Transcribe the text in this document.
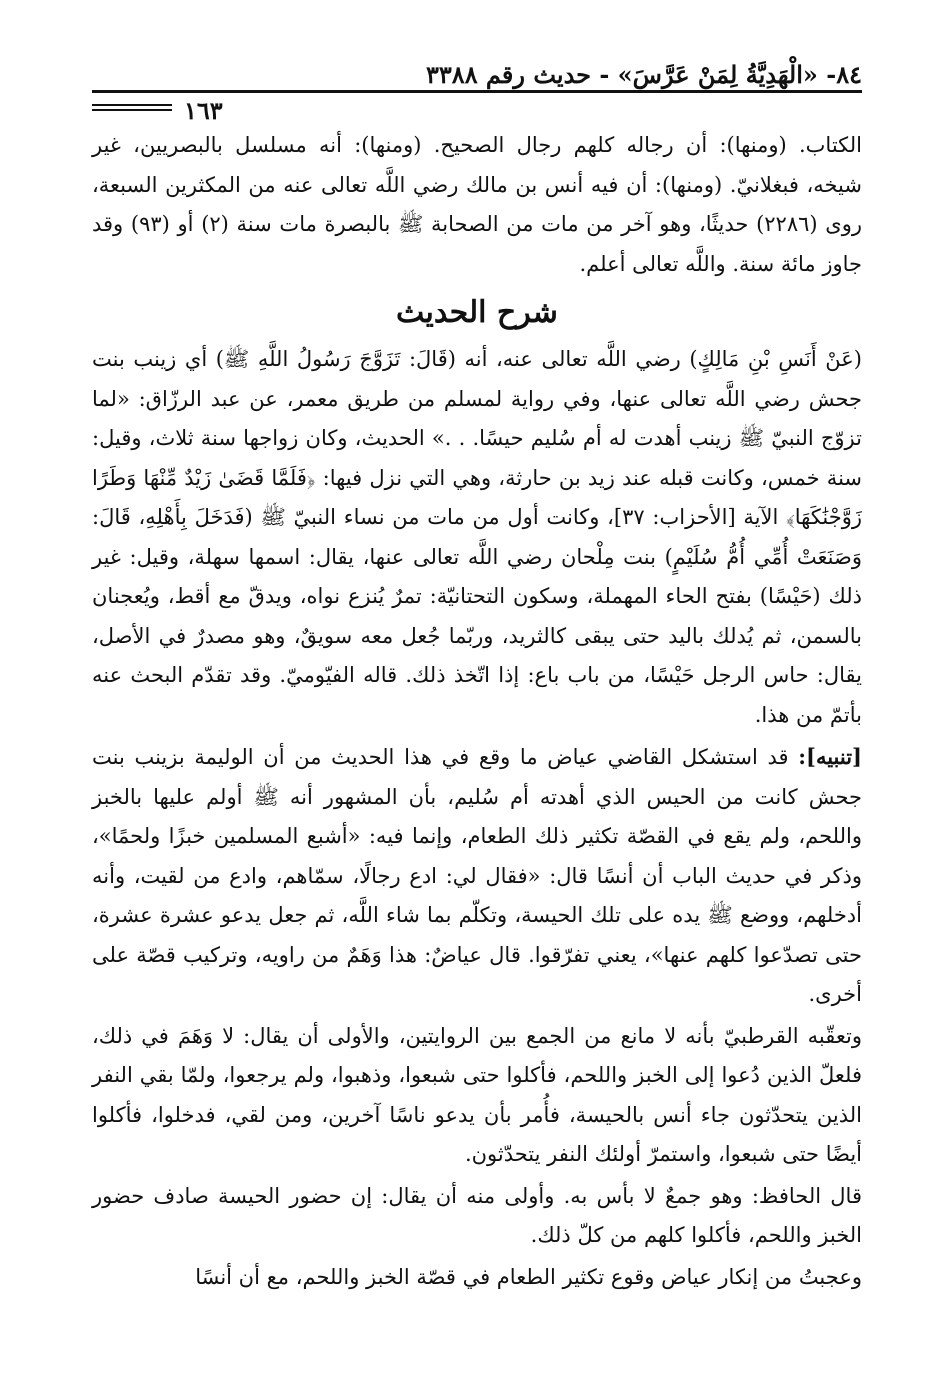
٨٤- «الْهَدِيَّةُ لِمَنْ عَرَّسَ» - حديث رقم ٣٣٨٨
١٦٣

الكتاب. (ومنها): أن رجاله كلهم رجال الصحيح. (ومنها): أنه مسلسل بالبصريين، غير شيخه، فبغلانيّ. (ومنها): أن فيه أنس بن مالك رضي اللَّه تعالى عنه من المكثرين السبعة، روى (٢٢٨٦) حديثًا، وهو آخر من مات من الصحابة ﷺ بالبصرة مات سنة (٢) أو (٩٣) وقد جاوز مائة سنة. واللَّه تعالى أعلم.

شرح الحديث

(عَنْ أَنَسِ بْنِ مَالِكٍ) رضي اللَّه تعالى عنه، أنه (قَالَ: تَزَوَّجَ رَسُولُ اللَّهِ ﷺ) أي زينب بنت جحش رضي اللَّه تعالى عنها، وفي رواية لمسلم من طريق معمر، عن عبد الرزّاق: «لما تزوّج النبيّ ﷺ زينب أهدت له أم سُليم حيسًا. . .» الحديث، وكان زواجها سنة ثلاث، وقيل: سنة خمس، وكانت قبله عند زيد بن حارثة، وهي التي نزل فيها: ﴿فَلَمَّا قَضَىٰ زَيْدٌ مِّنْهَا وَطَرًا زَوَّجْنَٰكَهَا﴾ الآية [الأحزاب: ٣٧]، وكانت أول من مات من نساء النبيّ ﷺ (فَدَخَلَ بِأَهْلِهِ، قَالَ: وَصَنَعَتْ أُمِّي أُمُّ سُلَيْمٍ) بنت مِلْحان رضي اللَّه تعالى عنها، يقال: اسمها سهلة، وقيل: غير ذلك (حَيْسًا) بفتح الحاء المهملة، وسكون التحتانيّة: تمرٌ يُنزع نواه، ويدقّ مع أقط، ويُعجنان بالسمن، ثم يُدلك باليد حتى يبقى كالثريد، وربّما جُعل معه سويقٌ، وهو مصدرٌ في الأصل، يقال: حاس الرجل حَيْسًا، من باب باع: إذا اتّخذ ذلك. قاله الفيّوميّ. وقد تقدّم البحث عنه بأتمّ من هذا.

[تنبيه]: قد استشكل القاضي عياض ما وقع في هذا الحديث من أن الوليمة بزينب بنت جحش كانت من الحيس الذي أهدته أم سُليم، بأن المشهور أنه ﷺ أولم عليها بالخبز واللحم، ولم يقع في القصّة تكثير ذلك الطعام، وإنما فيه: «أشبع المسلمين خبزًا ولحمًا»، وذكر في حديث الباب أن أنسًا قال: «فقال لي: ادع رجالًا، سمّاهم، وادع من لقيت، وأنه أدخلهم، ووضع ﷺ يده على تلك الحيسة، وتكلّم بما شاء اللَّه، ثم جعل يدعو عشرة عشرة، حتى تصدّعوا كلهم عنها»، يعني تفرّقوا. قال عياضٌ: هذا وَهَمٌ من راويه، وتركيب قصّة على أخرى.

وتعقّبه القرطبيّ بأنه لا مانع من الجمع بين الروايتين، والأولى أن يقال: لا وَهَمَ في ذلك، فلعلّ الذين دُعوا إلى الخبز واللحم، فأكلوا حتى شبعوا، وذهبوا، ولم يرجعوا، ولمّا بقي النفر الذين يتحدّثون جاء أنس بالحيسة، فأُمر بأن يدعو ناسًا آخرين، ومن لقي، فدخلوا، فأكلوا أيضًا حتى شبعوا، واستمرّ أولئك النفر يتحدّثون.

قال الحافظ: وهو جمعٌ لا بأس به. وأولى منه أن يقال: إن حضور الحيسة صادف حضور الخبز واللحم، فأكلوا كلهم من كلّ ذلك.

وعجبتُ من إنكار عياض وقوع تكثير الطعام في قصّة الخبز واللحم، مع أن أنسًا
